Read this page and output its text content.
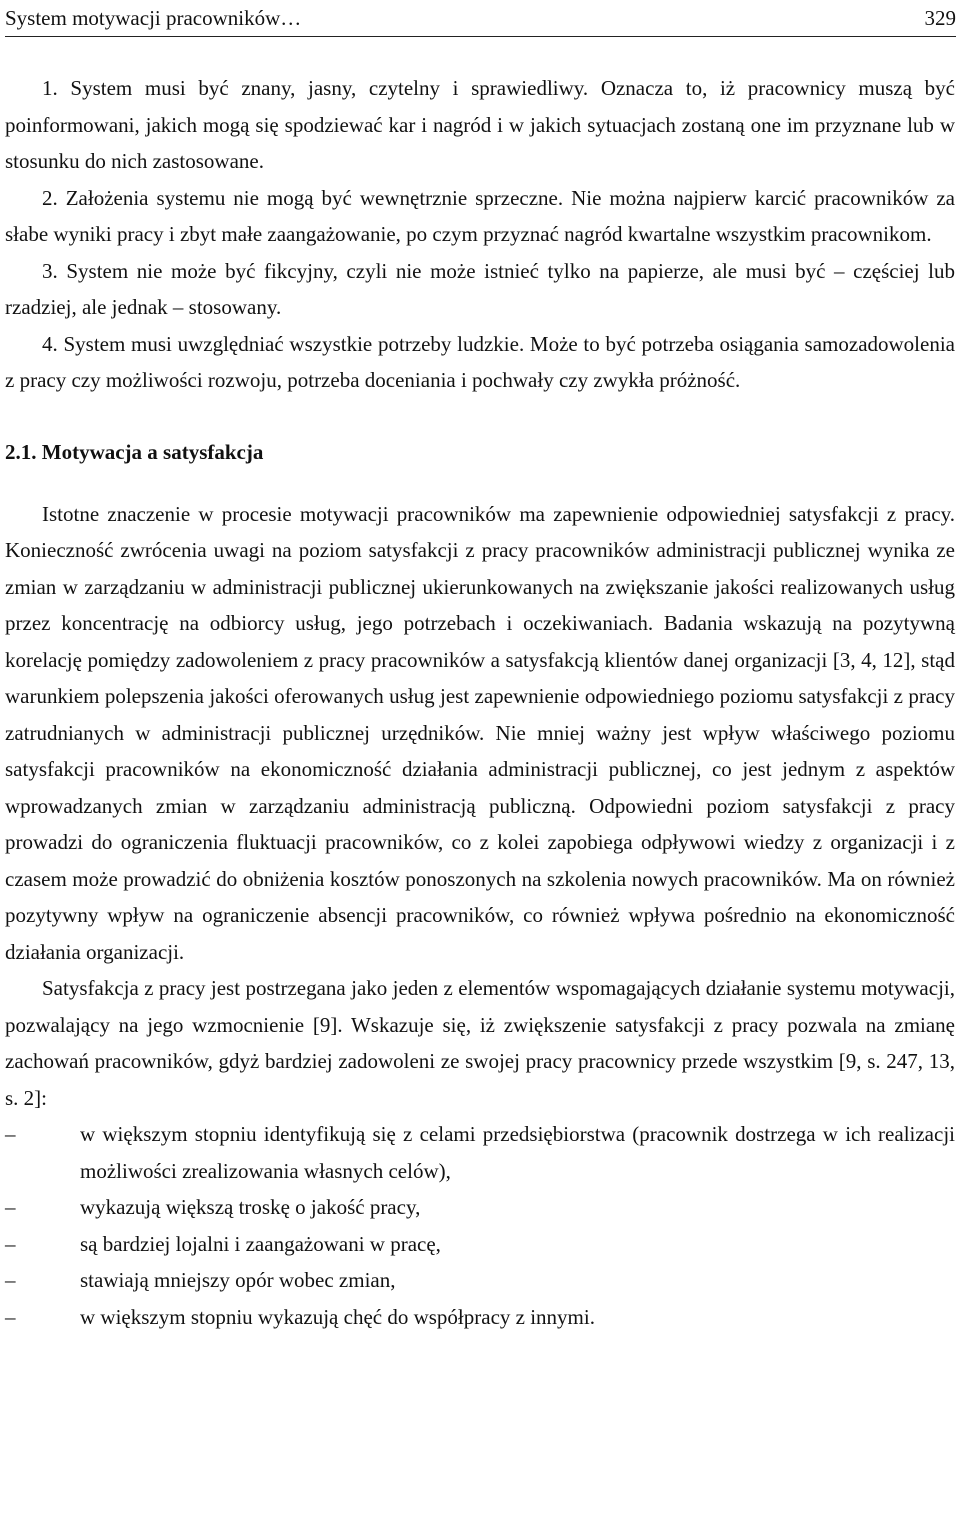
System motywacji pracowników…	329

1. System musi być znany, jasny, czytelny i sprawiedliwy. Oznacza to, iż pracownicy muszą być poinformowani, jakich mogą się spodziewać kar i nagród i w jakich sytuacjach zostaną one im przyznane lub w stosunku do nich zastosowane.

2. Założenia systemu nie mogą być wewnętrznie sprzeczne. Nie można najpierw karcić pracowników za słabe wyniki pracy i zbyt małe zaangażowanie, po czym przyznać nagród kwartalne wszystkim pracownikom.

3. System nie może być fikcyjny, czyli nie może istnieć tylko na papierze, ale musi być – częściej lub rzadziej, ale jednak – stosowany.

4. System musi uwzględniać wszystkie potrzeby ludzkie. Może to być potrzeba osiągania samozadowolenia z pracy czy możliwości rozwoju, potrzeba doceniania i pochwały czy zwykła próżność.

2.1. Motywacja a satysfakcja

Istotne znaczenie w procesie motywacji pracowników ma zapewnienie odpowiedniej satysfakcji z pracy. Konieczność zwrócenia uwagi na poziom satysfakcji z pracy pracowników administracji publicznej wynika ze zmian w zarządzaniu w administracji publicznej ukierunkowanych na zwiększanie jakości realizowanych usług przez koncentrację na odbiorcy usług, jego potrzebach i oczekiwaniach. Badania wskazują na pozytywną korelację pomiędzy zadowoleniem z pracy pracowników a satysfakcją klientów danej organizacji [3, 4, 12], stąd warunkiem polepszenia jakości oferowanych usług jest zapewnienie odpowiedniego poziomu satysfakcji z pracy zatrudnianych w administracji publicznej urzędników. Nie mniej ważny jest wpływ właściwego poziomu satysfakcji pracowników na ekonomiczność działania administracji publicznej, co jest jednym z aspektów wprowadzanych zmian w zarządzaniu administracją publiczną. Odpowiedni poziom satysfakcji z pracy prowadzi do ograniczenia fluktuacji pracowników, co z kolei zapobiega odpływowi wiedzy z organizacji i z czasem może prowadzić do obniżenia kosztów ponoszonych na szkolenia nowych pracowników. Ma on również pozytywny wpływ na ograniczenie absencji pracowników, co również wpływa pośrednio na ekonomiczność działania organizacji.

Satysfakcja z pracy jest postrzegana jako jeden z elementów wspomagających działanie systemu motywacji, pozwalający na jego wzmocnienie [9]. Wskazuje się, iż zwiększenie satysfakcji z pracy pozwala na zmianę zachowań pracowników, gdyż bardziej zadowoleni ze swojej pracy pracownicy przede wszystkim [9, s. 247, 13, s. 2]:

–	w większym stopniu identyfikują się z celami przedsiębiorstwa (pracownik dostrzega w ich realizacji możliwości zrealizowania własnych celów),
–	wykazują większą troskę o jakość pracy,
–	są bardziej lojalni i zaangażowani w pracę,
–	stawiają mniejszy opór wobec zmian,
–	w większym stopniu wykazują chęć do współpracy z innymi.
